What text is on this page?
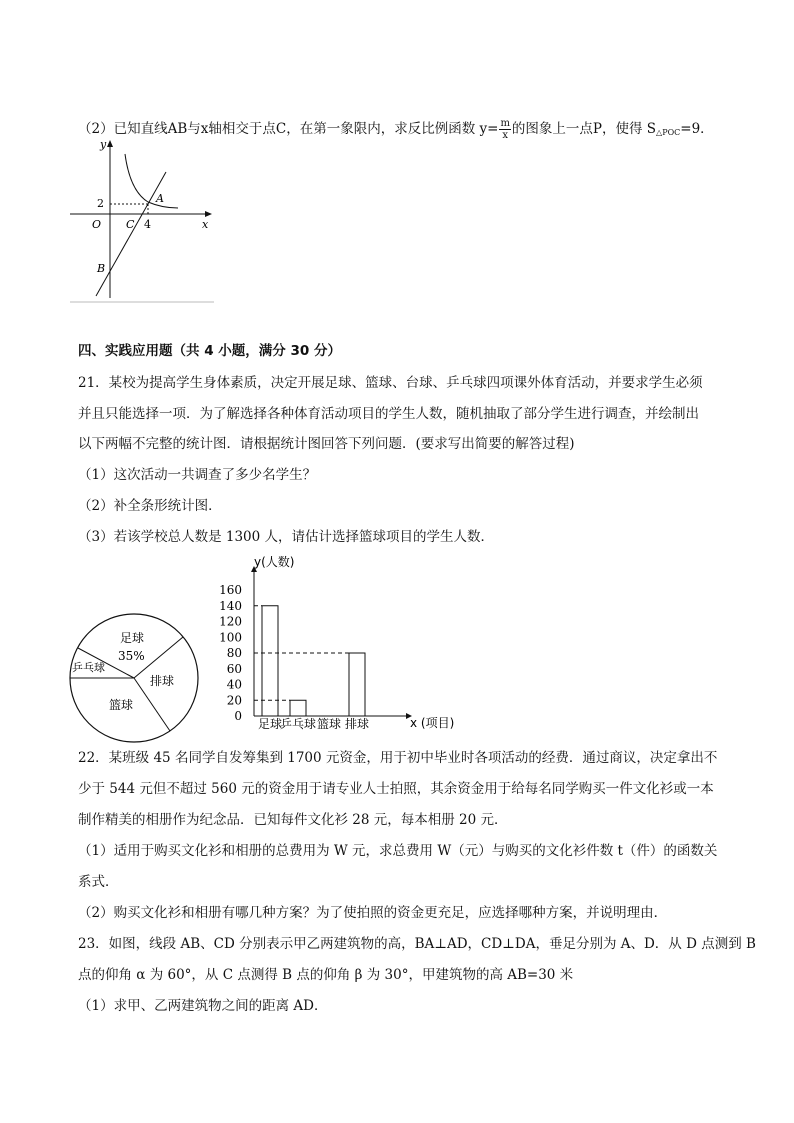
（2）已知直线AB与x轴相交于点C，在第一象限内，求反比例函数 $y= \frac{m}{x}$ 的图象上一点P，使得 $S_{\triangle POC}=9$．
y
x
O
2
4
A
B
C
四、实践应用题（共 4 小题，满分 30 分）
21．某校为提高学生身体素质，决定开展足球、篮球、台球、乒乓球四项课外体育活动，并要求学生必须
并且只能选择一项．为了解选择各种体育活动项目的学生人数，随机抽取了部分学生进行调查，并绘制出
以下两幅不完整的统计图．请根据统计图回答下列问题．(要求写出简要的解答过程)
（1）这次活动一共调查了多少名学生？
（2）补全条形统计图．
（3）若该学校总人数是 1300 人，请估计选择篮球项目的学生人数．
足球
35%
乒乓球
排球
篮球
y(人数)
x (项目)
0
20
40
60
80
100
120
140
160
足球
乒乓球 篮球 排球
22．某班级 45 名同学自发筹集到 1700 元资金，用于初中毕业时各项活动的经费．通过商议，决定拿出不
少于 544 元但不超过 560 元的资金用于请专业人士拍照，其余资金用于给每名同学购买一件文化衫或一本
制作精美的相册作为纪念品．已知每件文化衫 28 元，每本相册 20 元．
（1）适用于购买文化衫和相册的总费用为 W 元，求总费用 W（元）与购买的文化衫件数 t（件）的函数关
系式．
（2）购买文化衫和相册有哪几种方案？为了使拍照的资金更充足，应选择哪种方案，并说明理由．
23．如图，线段 AB、CD 分别表示甲乙两建筑物的高，BA⊥AD，CD⊥DA，垂足分别为 A、D．从 D 点测到 B
点的仰角 α 为 60°，从 C 点测得 B 点的仰角 β 为 30°，甲建筑物的高 AB=30 米
（1）求甲、乙两建筑物之间的距离 AD．
